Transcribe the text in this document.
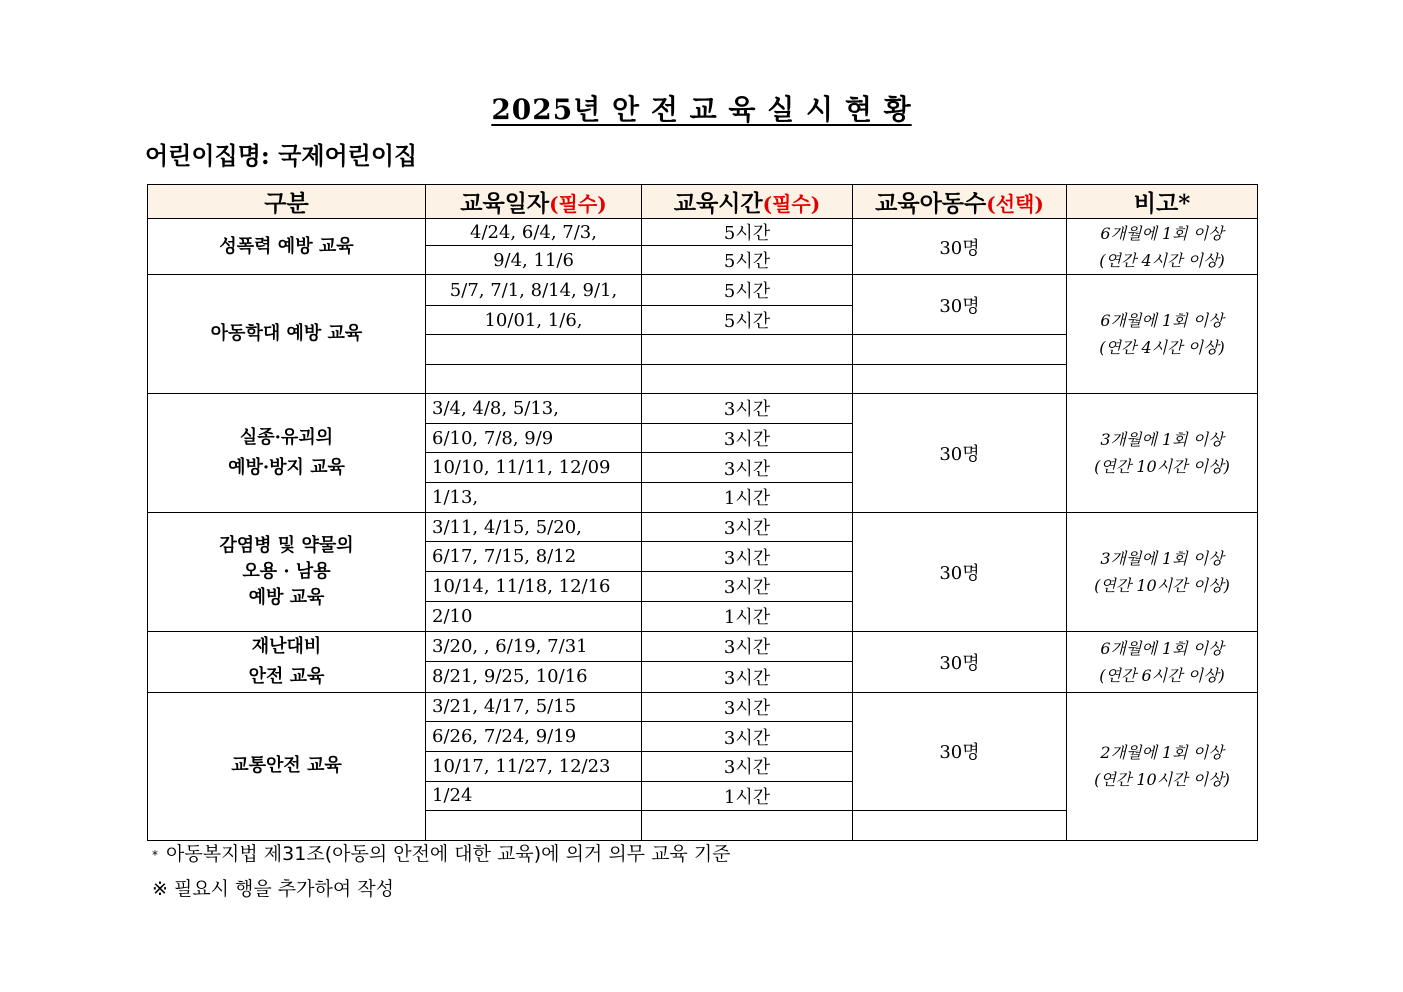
2025년 안 전 교 육 실 시 현 황
어린이집명: 국제어린이집
구분	교육일자(필수)	교육시간(필수)	교육아동수(선택)	비고*
성폭력 예방 교육	4/24, 6/4, 7/3,	5시간	30명	6개월에 1회 이상
(연간 4시간 이상)
	9/4, 11/6	5시간		
아동학대 예방 교육	5/7, 7/1, 8/14, 9/1,	5시간	30명	6개월에 1회 이상
(연간 4시간 이상)
	10/01, 1/6,	5시간		

실종·유괴의
예방·방지 교육	3/4, 4/8, 5/13,	3시간	30명	3개월에 1회 이상
(연간 10시간 이상)
	6/10, 7/8, 9/9	3시간		
	10/10, 11/11, 12/09	3시간		
	1/13,	1시간		
감염병 및 약물의
오용 · 남용
예방 교육	3/11, 4/15, 5/20,	3시간	30명	3개월에 1회 이상
(연간 10시간 이상)
	6/17, 7/15, 8/12	3시간		
	10/14, 11/18, 12/16	3시간		
	2/10	1시간		
재난대비
안전 교육	3/20, , 6/19, 7/31	3시간	30명	6개월에 1회 이상
(연간 6시간 이상)
	8/21, 9/25, 10/16	3시간		
교통안전 교육	3/21, 4/17, 5/15	3시간	30명	2개월에 1회 이상
(연간 10시간 이상)
	6/26, 7/24, 9/19	3시간		
	10/17, 11/27, 12/23	3시간		
	1/24	1시간		

* 아동복지법 제31조(아동의 안전에 대한 교육)에 의거 의무 교육 기준
※ 필요시 행을 추가하여 작성
